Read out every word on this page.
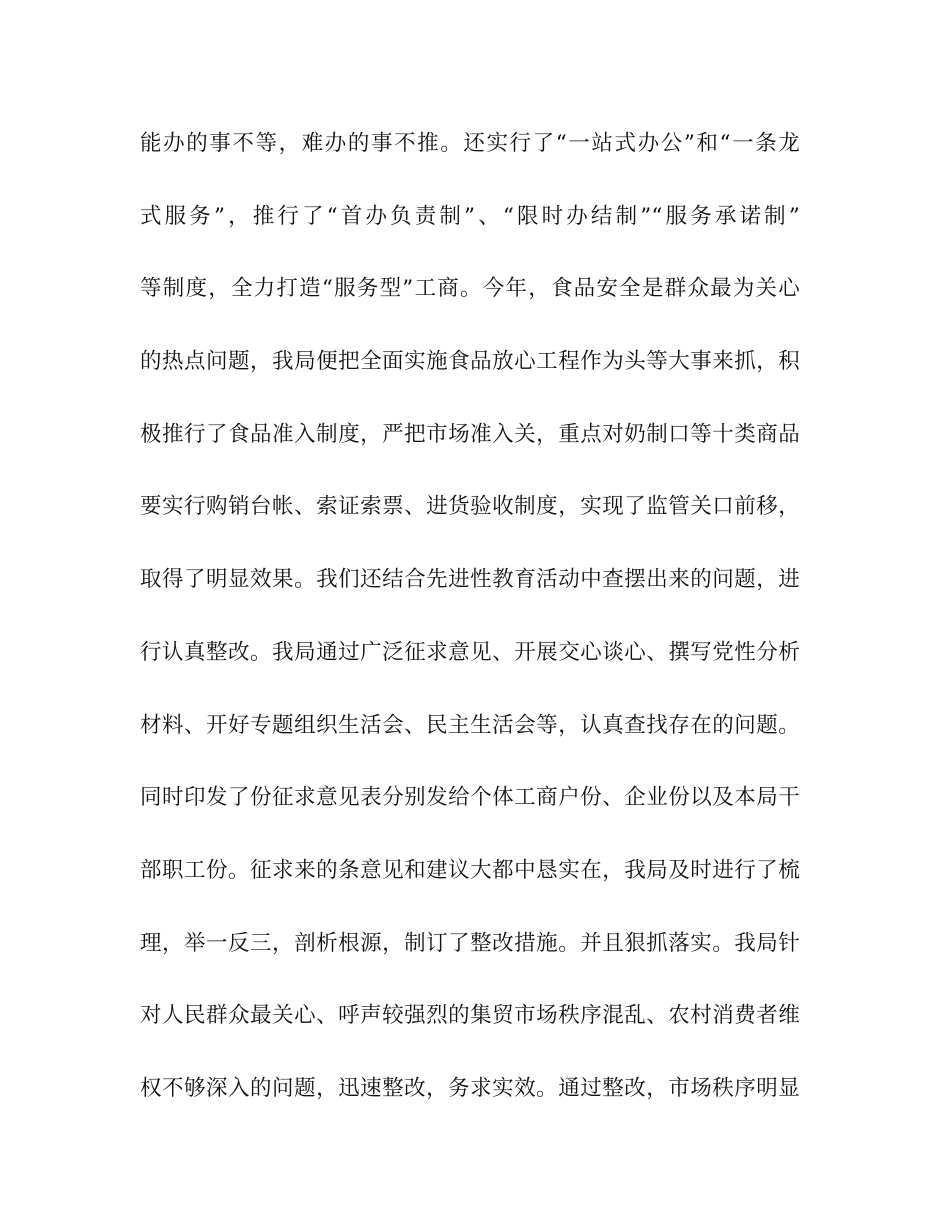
能办的事不等，难办的事不推。还实行了“一站式办公”和“一条龙
式服务”，推行了“首办负责制”、“限时办结制”“服务承诺制”
等制度，全力打造“服务型”工商。今年，食品安全是群众最为关心
的热点问题，我局便把全面实施食品放心工程作为头等大事来抓，积
极推行了食品准入制度，严把市场准入关，重点对奶制口等十类商品
要实行购销台帐、索证索票、进货验收制度，实现了监管关口前移，
取得了明显效果。我们还结合先进性教育活动中查摆出来的问题，进
行认真整改。我局通过广泛征求意见、开展交心谈心、撰写党性分析
材料、开好专题组织生活会、民主生活会等，认真查找存在的问题。
同时印发了份征求意见表分别发给个体工商户份、企业份以及本局干
部职工份。征求来的条意见和建议大都中恳实在，我局及时进行了梳
理，举一反三，剖析根源，制订了整改措施。并且狠抓落实。我局针
对人民群众最关心、呼声较强烈的集贸市场秩序混乱、农村消费者维
权不够深入的问题，迅速整改，务求实效。通过整改，市场秩序明显
